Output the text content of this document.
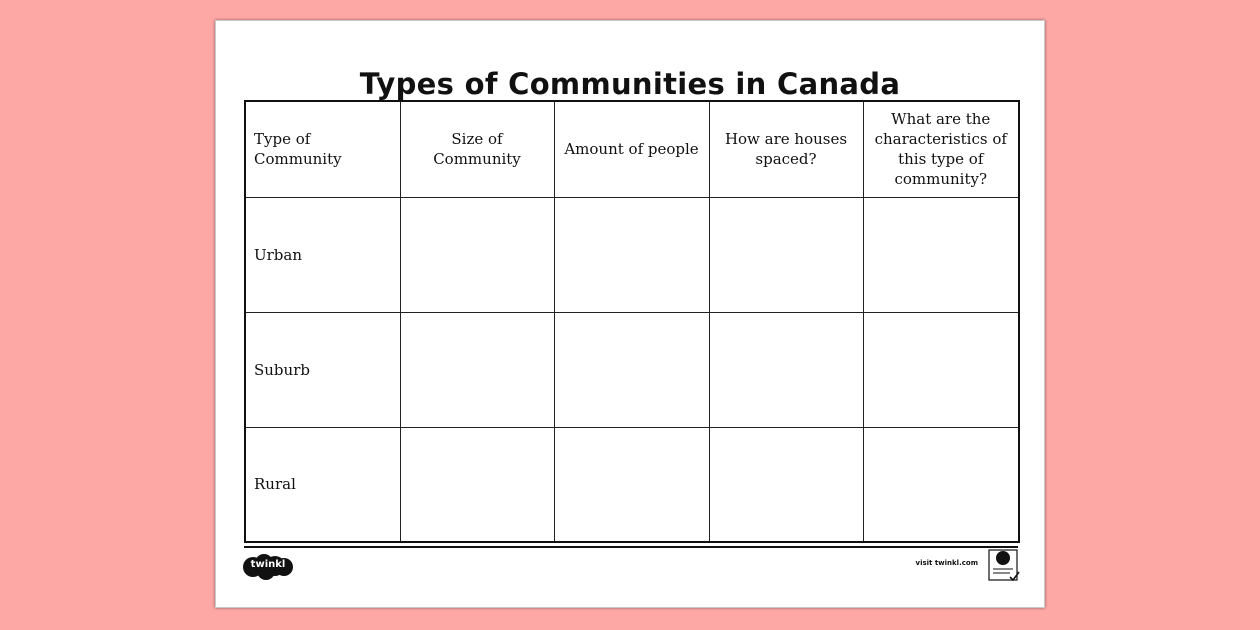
Types of Communities in Canada
Type of Community	Size of Community	Amount of people	How are houses spaced?	What are the characteristics of this type of community?
Urban				
Suburb				
Rural				
twinkl	visit twinkl.com
